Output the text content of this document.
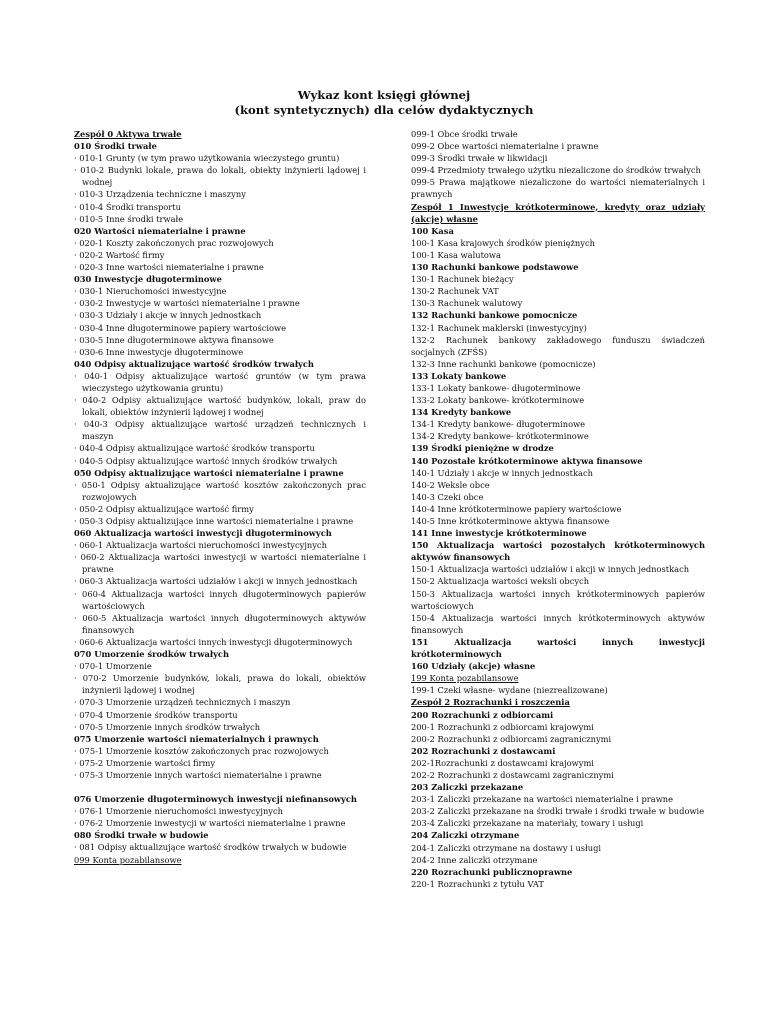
Wykaz kont księgi głównej
(kont syntetycznych) dla celów dydaktycznych

Zespół 0 Aktywa trwałe

010 Środki trwałe

· 010-1 Grunty (w tym prawo użytkowania wieczystego gruntu)

· 010-2 Budynki lokale, prawa do lokali, obiekty inżynierii lądowej i wodnej

· 010-3 Urządzenia techniczne i maszyny

· 010-4 Środki transportu

· 010-5 Inne środki trwałe

020 Wartości niematerialne i prawne

· 020-1 Koszty zakończonych prac rozwojowych

· 020-2 Wartość firmy

· 020-3 Inne wartości niematerialne i prawne

030 Inwestycje długoterminowe

· 030-1 Nieruchomości inwestycyjne

· 030-2 Inwestycje w wartości niematerialne i prawne

· 030-3 Udziały i akcje w innych jednostkach

· 030-4 Inne długoterminowe papiery wartościowe

· 030-5 Inne długoterminowe aktywa finansowe

· 030-6 Inne inwestycje długoterminowe

040 Odpisy aktualizujące wartość środków trwałych

· 040-1 Odpisy aktualizujące wartość gruntów (w tym prawa wieczystego użytkowania gruntu)

· 040-2 Odpisy aktualizujące wartość budynków, lokali, praw do lokali, obiektów inżynierii lądowej i wodnej

· 040-3 Odpisy aktualizujące wartość urządzeń technicznych i maszyn

· 040-4 Odpisy aktualizujące wartość środków transportu

· 040-5 Odpisy aktualizujące wartość innych środków trwałych

050 Odpisy aktualizujące wartości niematerialne i prawne

· 050-1 Odpisy aktualizujące wartość kosztów zakończonych prac rozwojowych

· 050-2 Odpisy aktualizujące wartość firmy

· 050-3 Odpisy aktualizujące inne wartości niematerialne i prawne

060 Aktualizacja wartości inwestycji długoterminowych

· 060-1 Aktualizacja wartości nieruchomości inwestycyjnych

· 060-2 Aktualizacja wartości inwestycji w wartości niematerialne i prawne

· 060-3 Aktualizacja wartości udziałów i akcji w innych jednostkach

· 060-4 Aktualizacja wartości innych długoterminowych papierów wartościowych

· 060-5 Aktualizacja wartości innych długoterminowych aktywów finansowych

· 060-6 Aktualizacja wartości innych inwestycji długoterminowych

070 Umorzenie środków trwałych

· 070-1 Umorzenie

· 070-2 Umorzenie budynków, lokali, prawa do lokali, obiektów inżynierii lądowej i wodnej

· 070-3 Umorzenie urządzeń technicznych i maszyn

· 070-4 Umorzenie środków transportu

· 070-5 Umorzenie innych środków trwałych

075 Umorzenie wartości niematerialnych i prawnych

· 075-1 Umorzenie kosztów zakończonych prac rozwojowych

· 075-2 Umorzenie wartości firmy

· 075-3 Umorzenie innych wartości niematerialne i prawne

076 Umorzenie długoterminowych inwestycji niefinansowych

· 076-1 Umorzenie nieruchomości inwestycyjnych

· 076-2 Umorzenie inwestycji w wartości niematerialne i prawne

080 Środki trwałe w budowie

· 081 Odpisy aktualizujące wartość środków trwałych w budowie

099 Konta pozabilansowe

099-1 Obce środki trwałe

099-2 Obce wartości niematerialne i prawne

099-3 Środki trwałe w likwidacji

099-4 Przedmioty trwałego użytku niezaliczone do środków trwałych

099-5 Prawa majątkowe niezaliczone do wartości niematerialnych i prawnych

Zespół 1 Inwestycje krótkoterminowe, kredyty oraz udziały (akcje) własne

100 Kasa

100-1 Kasa krajowych środków pieniężnych

100-1 Kasa walutowa

130 Rachunki bankowe podstawowe

130-1 Rachunek bieżący

130-2 Rachunek VAT

130-3 Rachunek walutowy

132 Rachunki bankowe pomocnicze

132-1 Rachunek maklerski (inwestycyjny)

132-2 Rachunek bankowy zakładowego funduszu świadczeń socjalnych (ZFŚS)

132-3 Inne rachunki bankowe (pomocnicze)

133 Lokaty bankowe

133-1 Lokaty bankowe- długoterminowe

133-2 Lokaty bankowe- krótkoterminowe

134 Kredyty bankowe

134-1 Kredyty bankowe- długoterminowe

134-2 Kredyty bankowe- krótkoterminowe

139 Środki pieniężne w drodze

140 Pozostałe krótkoterminowe aktywa finansowe

140-1 Udziały i akcje w innych jednostkach

140-2 Weksle obce

140-3 Czeki obce

140-4 Inne krótkoterminowe papiery wartościowe

140-5 Inne krótkoterminowe aktywa finansowe

141 Inne inwestycje krótkoterminowe

150 Aktualizacja wartości pozostałych krótkoterminowych aktywów finansowych

150-1 Aktualizacja wartości udziałów i akcji w innych jednostkach

150-2 Aktualizacja wartości weksli obcych

150-3 Aktualizacja wartości innych krótkoterminowych papierów wartościowych

150-4 Aktualizacja wartości innych krótkoterminowych aktywów finansowych

151 Aktualizacja wartości innych inwestycji krótkoterminowych

160 Udziały (akcje) własne

199 Konta pozabilansowe

199-1 Czeki własne- wydane (niezrealizowane)

Zespół 2 Rozrachunki i roszczenia

200 Rozrachunki z odbiorcami

200-1 Rozrachunki z odbiorcami krajowymi

200-2 Rozrachunki z odbiorcami zagranicznymi

202 Rozrachunki z dostawcami

202-1Rozrachunki z dostawcami krajowymi

202-2 Rozrachunki z dostawcami zagranicznymi

203 Zaliczki przekazane

203-1 Zaliczki przekazane na wartości niematerialne i prawne

203-2 Zaliczki przekazane na środki trwałe i środki trwałe w budowie

203-4 Zaliczki przekazane na materiały, towary i usługi

204 Zaliczki otrzymane

204-1 Zaliczki otrzymane na dostawy i usługi

204-2 Inne zaliczki otrzymane

220 Rozrachunki publicznoprawne

220-1 Rozrachunki z tytułu VAT
